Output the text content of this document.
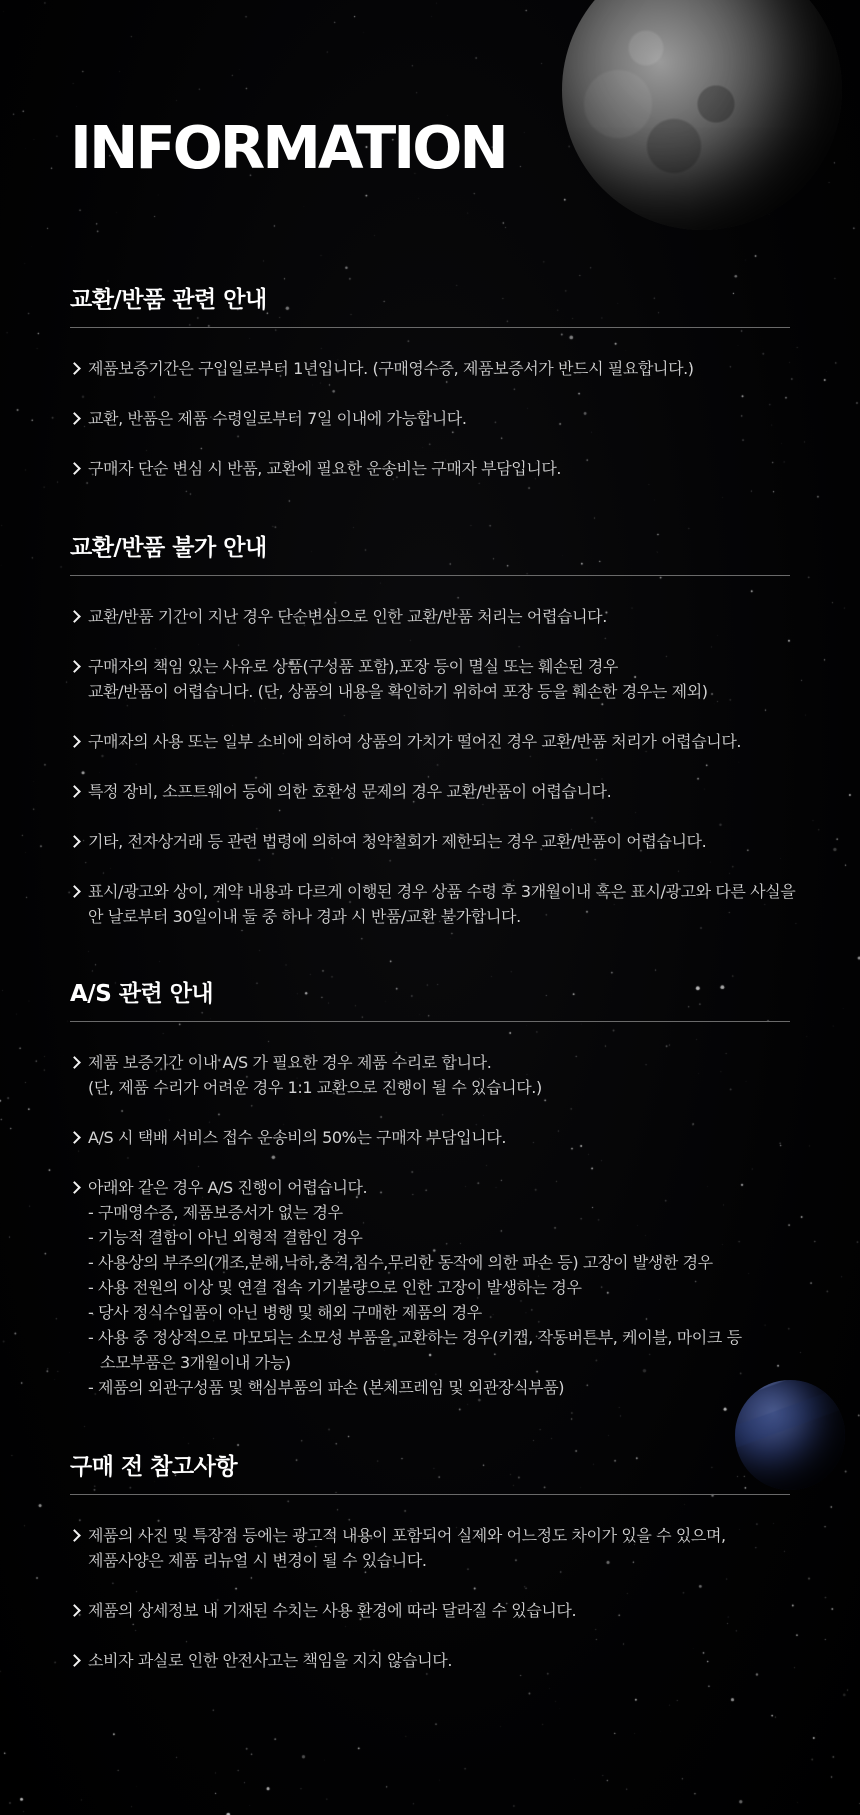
INFORMATION
교환/반품 관련 안내
제품보증기간은 구입일로부터 1년입니다. (구매영수증, 제품보증서가 반드시 필요합니다.)
교환, 반품은 제품 수령일로부터 7일 이내에 가능합니다.
구매자 단순 변심 시 반품, 교환에 필요한 운송비는 구매자 부담입니다.
교환/반품 불가 안내
교환/반품 기간이 지난 경우 단순변심으로 인한 교환/반품 처리는 어렵습니다.
구매자의 책임 있는 사유로 상품(구성품 포함),포장 등이 멸실 또는 훼손된 경우
교환/반품이 어렵습니다. (단, 상품의 내용을 확인하기 위하여 포장 등을 훼손한 경우는 제외)
구매자의 사용 또는 일부 소비에 의하여 상품의 가치가 떨어진 경우 교환/반품 처리가 어렵습니다.
특정 장비, 소프트웨어 등에 의한 호환성 문제의 경우 교환/반품이 어렵습니다.
기타, 전자상거래 등 관련 법령에 의하여 청약철회가 제한되는 경우 교환/반품이 어렵습니다.
표시/광고와 상이, 계약 내용과 다르게 이행된 경우 상품 수령 후 3개월이내 혹은 표시/광고와 다른 사실을
안 날로부터 30일이내 둘 중 하나 경과 시 반품/교환 불가합니다.
A/S 관련 안내
제품 보증기간 이내 A/S 가 필요한 경우 제품 수리로 합니다.
(단, 제품 수리가 어려운 경우 1:1 교환으로 진행이 될 수 있습니다.)
A/S 시 택배 서비스 접수 운송비의 50%는 구매자 부담입니다.
아래와 같은 경우 A/S 진행이 어렵습니다.
- 구매영수증, 제품보증서가 없는 경우
- 기능적 결함이 아닌 외형적 결함인 경우
- 사용상의 부주의(개조,분해,낙하,충격,침수,무리한 동작에 의한 파손 등) 고장이 발생한 경우
- 사용 전원의 이상 및 연결 접속 기기불량으로 인한 고장이 발생하는 경우
- 당사 정식수입품이 아닌 병행 및 해외 구매한 제품의 경우
- 사용 중 정상적으로 마모되는 소모성 부품을 교환하는 경우(키캡, 작동버튼부, 케이블, 마이크 등
소모부품은 3개월이내 가능)
- 제품의 외관구성품 및 핵심부품의 파손 (본체프레임 및 외관장식부품)
구매 전 참고사항
제품의 사진 및 특장점 등에는 광고적 내용이 포함되어 실제와 어느정도 차이가 있을 수 있으며,
제품사양은 제품 리뉴얼 시 변경이 될 수 있습니다.
제품의 상세정보 내 기재된 수치는 사용 환경에 따라 달라질 수 있습니다.
소비자 과실로 인한 안전사고는 책임을 지지 않습니다.
